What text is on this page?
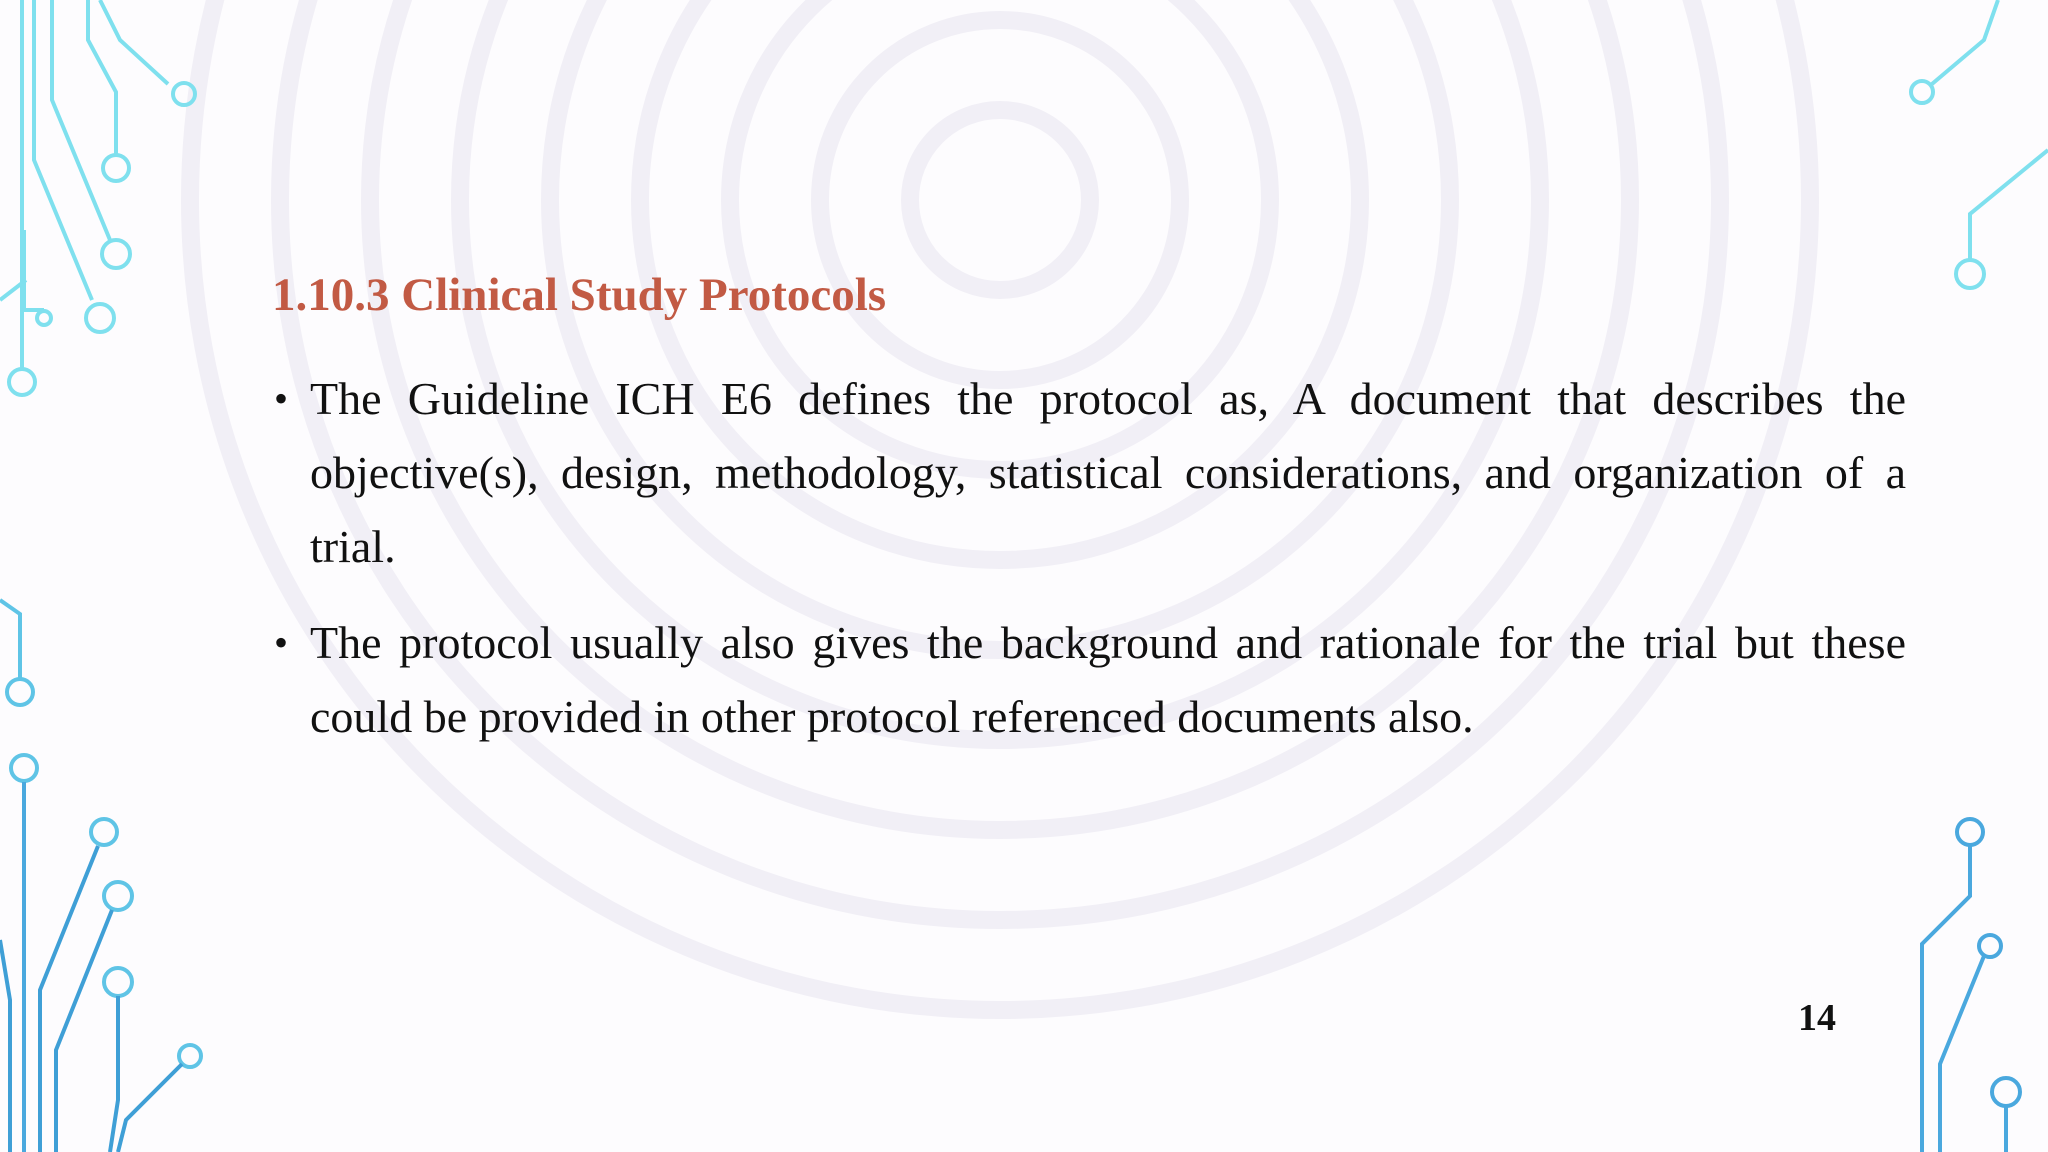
1.10.3 Clinical Study Protocols
• The Guideline ICH E6 defines the protocol as, A document that describes the objective(s), design, methodology, statistical considerations, and organization of a trial.
• The protocol usually also gives the background and rationale for the trial but these could be provided in other protocol referenced documents also.
14
